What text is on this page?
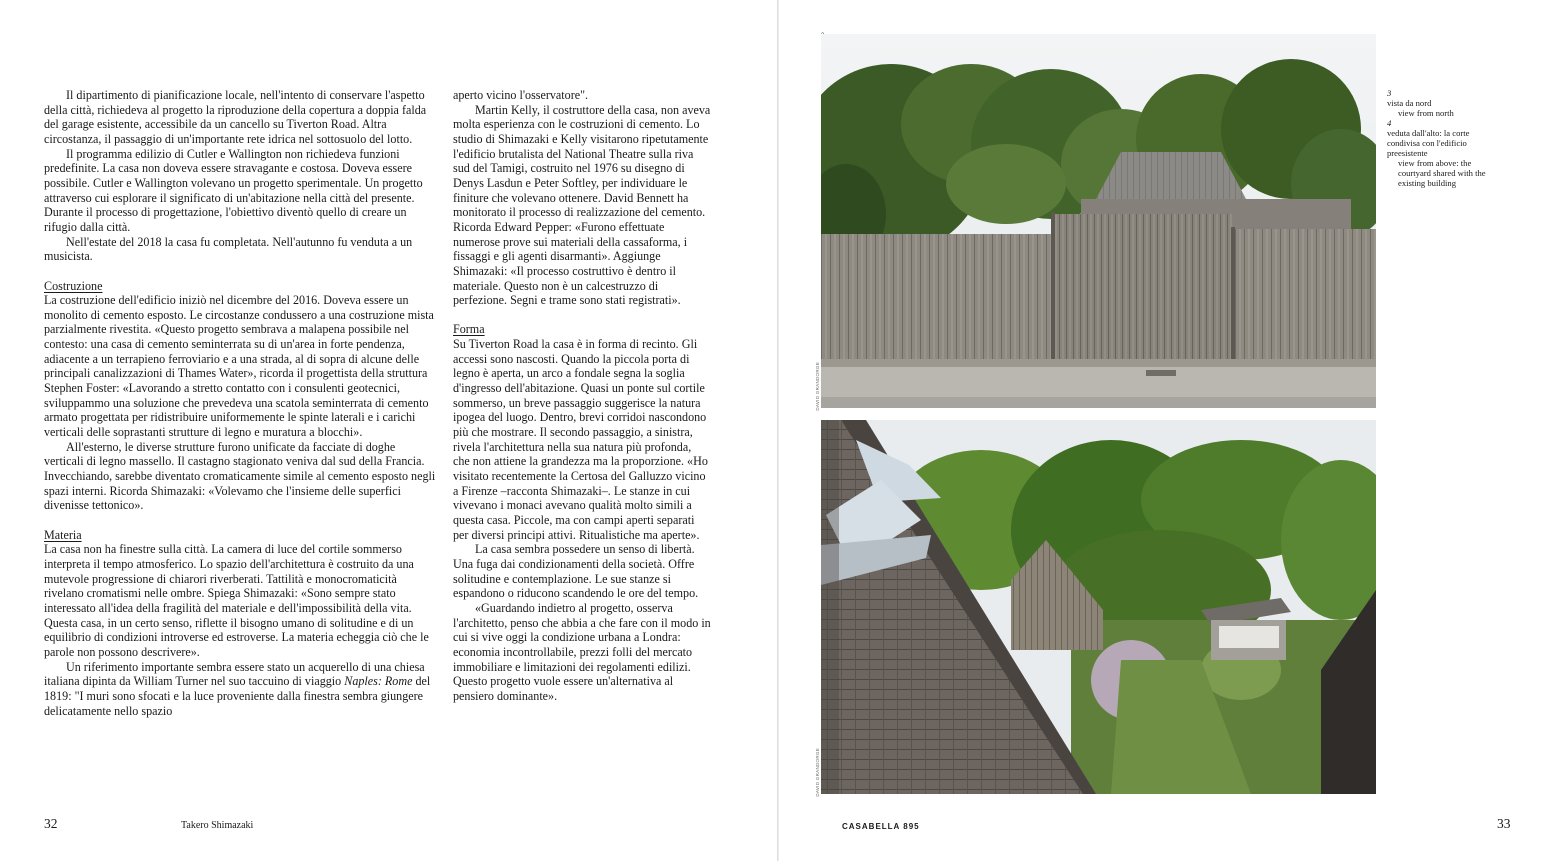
Il dipartimento di pianificazione locale, nell'intento di conservare l'aspetto della città, richiedeva al progetto la riproduzione della copertura a doppia falda del garage esistente, accessibile da un cancello su Tiverton Road. Altra circostanza, il passaggio di un'importante rete idrica nel sottosuolo del lotto.

Il programma edilizio di Cutler e Wallington non richiedeva funzioni predefinite. La casa non doveva essere stravagante e costosa. Doveva essere possibile. Cutler e Wallington volevano un progetto sperimentale. Un progetto attraverso cui esplorare il significato di un'abitazione nella città del presente. Durante il processo di progettazione, l'obiettivo diventò quello di creare un rifugio dalla città.

Nell'estate del 2018 la casa fu completata. Nell'autunno fu venduta a un musicista.

Costruzione

La costruzione dell'edificio iniziò nel dicembre del 2016. Doveva essere un monolito di cemento esposto. Le circostanze condussero a una costruzione mista parzialmente rivestita. «Questo progetto sembrava a malapena possibile nel contesto: una casa di cemento seminterrata su di un'area in forte pendenza, adiacente a un terrapieno ferroviario e a una strada, al di sopra di alcune delle principali canalizzazioni di Thames Water», ricorda il progettista della struttura Stephen Foster: «Lavorando a stretto contatto con i consulenti geotecnici, sviluppammo una soluzione che prevedeva una scatola seminterrata di cemento armato progettata per ridistribuire uniformemente le spinte laterali e i carichi verticali delle soprastanti strutture di legno e muratura a blocchi».

All'esterno, le diverse strutture furono unificate da facciate di doghe verticali di legno massello. Il castagno stagionato veniva dal sud della Francia. Invecchiando, sarebbe diventato cromaticamente simile al cemento esposto negli spazi interni. Ricorda Shimazaki: «Volevamo che l'insieme delle superfici divenisse tettonico».

Materia

La casa non ha finestre sulla città. La camera di luce del cortile sommerso interpreta il tempo atmosferico. Lo spazio dell'architettura è costruito da una mutevole progressione di chiarori riverberati. Tattilità e monocromaticità rivelano cromatismi nelle ombre. Spiega Shimazaki: «Sono sempre stato interessato all'idea della fragilità del materiale e dell'impossibilità della vita. Questa casa, in un certo senso, riflette il bisogno umano di solitudine e di un equilibrio di condizioni introverse ed estroverse. La materia echeggia ciò che le parole non possono descrivere».

Un riferimento importante sembra essere stato un acquerello di una chiesa italiana dipinta da William Turner nel suo taccuino di viaggio Naples: Rome del 1819: "I muri sono sfocati e la luce proveniente dalla finestra sembra giungere delicatamente nello spazio

aperto vicino l'osservatore".

Martin Kelly, il costruttore della casa, non aveva molta esperienza con le costruzioni di cemento. Lo studio di Shimazaki e Kelly visitarono ripetutamente l'edificio brutalista del National Theatre sulla riva sud del Tamigi, costruito nel 1976 su disegno di Denys Lasdun e Peter Softley, per individuare le finiture che volevano ottenere. David Bennett ha monitorato il processo di realizzazione del cemento. Ricorda Edward Pepper: «Furono effettuate numerose prove sui materiali della cassaforma, i fissaggi e gli agenti disarmanti». Aggiunge Shimazaki: «Il processo costruttivo è dentro il materiale. Questo non è un calcestruzzo di perfezione. Segni e trame sono stati registrati».

Forma

Su Tiverton Road la casa è in forma di recinto. Gli accessi sono nascosti. Quando la piccola porta di legno è aperta, un arco a fondale segna la soglia d'ingresso dell'abitazione. Quasi un ponte sul cortile sommerso, un breve passaggio suggerisce la natura ipogea del luogo. Dentro, brevi corridoi nascondono più che mostrare. Il secondo passaggio, a sinistra, rivela l'architettura nella sua natura più profonda, che non attiene la grandezza ma la proporzione. «Ho visitato recentemente la Certosa del Galluzzo vicino a Firenze –racconta Shimazaki–. Le stanze in cui vivevano i monaci avevano qualità molto simili a questa casa. Piccole, ma con campi aperti separati per diversi principi attivi. Ritualistiche ma aperte».

La casa sembra possedere un senso di libertà. Una fuga dai condizionamenti della società. Offre solitudine e contemplazione. Le sue stanze si espandono o riducono scandendo le ore del tempo.

«Guardando indietro al progetto, osserva l'architetto, penso che abbia a che fare con il modo in cui si vive oggi la condizione urbana a Londra: economia incontrollabile, prezzi folli del mercato immobiliare e limitazioni dei regolamenti edilizi. Questo progetto vuole essere un'alternativa al pensiero dominante».

32	Takero Shimazaki
DAVID GRANDORGE
DAVID GRANDORGE
3
vista da nord
view from north
4
veduta dall'alto: la corte condivisa con l'edificio preesistente
view from above: the courtyard shared with the existing building
CASABELLA 895	33
